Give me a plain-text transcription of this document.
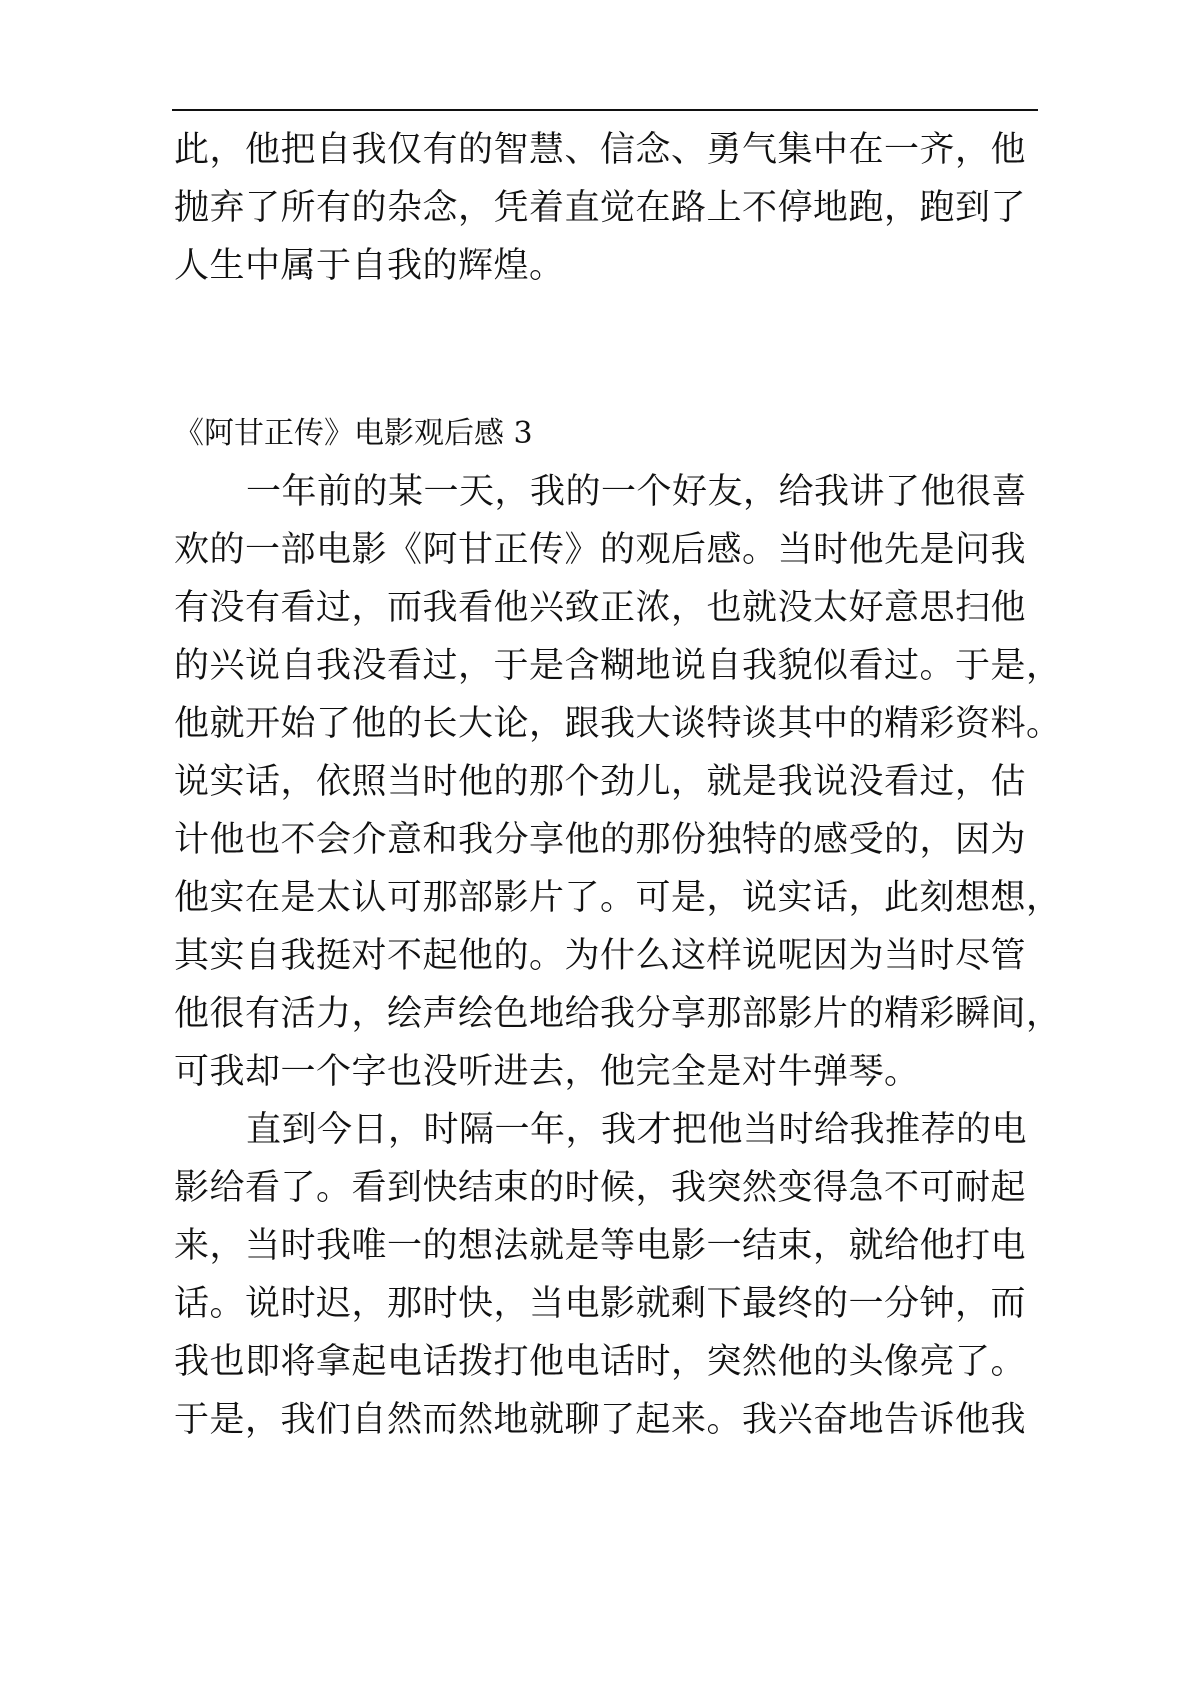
此，他把自我仅有的智慧、信念、勇气集中在一齐，他
抛弃了所有的杂念，凭着直觉在路上不停地跑，跑到了
人生中属于自我的辉煌。
《阿甘正传》电影观后感 3
一年前的某一天，我的一个好友，给我讲了他很喜
欢的一部电影《阿甘正传》的观后感。当时他先是问我
有没有看过，而我看他兴致正浓，也就没太好意思扫他
的兴说自我没看过，于是含糊地说自我貌似看过。于是，
他就开始了他的长大论，跟我大谈特谈其中的精彩资料。
说实话，依照当时他的那个劲儿，就是我说没看过，估
计他也不会介意和我分享他的那份独特的感受的，因为
他实在是太认可那部影片了。可是，说实话，此刻想想，
其实自我挺对不起他的。为什么这样说呢因为当时尽管
他很有活力，绘声绘色地给我分享那部影片的精彩瞬间，
可我却一个字也没听进去，他完全是对牛弹琴。
直到今日，时隔一年，我才把他当时给我推荐的电
影给看了。看到快结束的时候，我突然变得急不可耐起
来，当时我唯一的想法就是等电影一结束，就给他打电
话。说时迟，那时快，当电影就剩下最终的一分钟，而
我也即将拿起电话拨打他电话时，突然他的头像亮了。
于是，我们自然而然地就聊了起来。我兴奋地告诉他我
